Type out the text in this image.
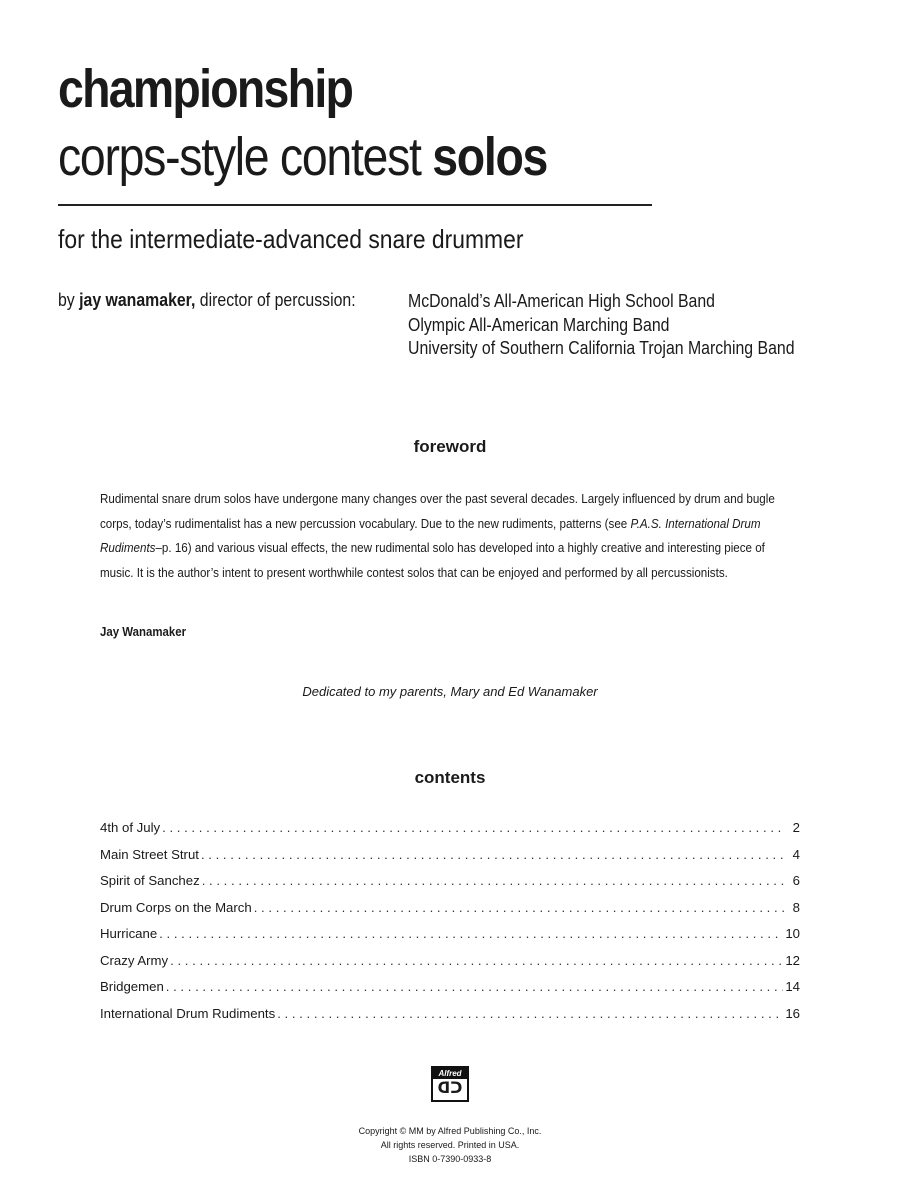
championship
corps-style contest solos
for the intermediate-advanced snare drummer
by jay wanamaker, director of percussion:	McDonald’s All-American High School Band
Olympic All-American Marching Band
University of Southern California Trojan Marching Band
foreword
Rudimental snare drum solos have undergone many changes over the past several decades. Largely influenced by drum and bugle corps, today’s rudimentalist has a new percussion vocabulary. Due to the new rudiments, patterns (see P.A.S. International Drum Rudiments–p. 16) and various visual effects, the new rudimental solo has developed into a highly creative and interesting piece of music. It is the author’s intent to present worthwhile contest solos that can be enjoyed and performed by all percussionists.
Jay Wanamaker
Dedicated to my parents, Mary and Ed Wanamaker
contents
4th of July . . .	2
Main Street Strut . . .	4
Spirit of Sanchez . . .	6
Drum Corps on the March . . .	8
Hurricane . . .	10
Crazy Army . . .	12
Bridgemen . . .	14
International Drum Rudiments . . .	16
Alfred
ᗡᑐ
Copyright © MM by Alfred Publishing Co., Inc.
All rights reserved. Printed in USA.
ISBN 0-7390-0933-8
